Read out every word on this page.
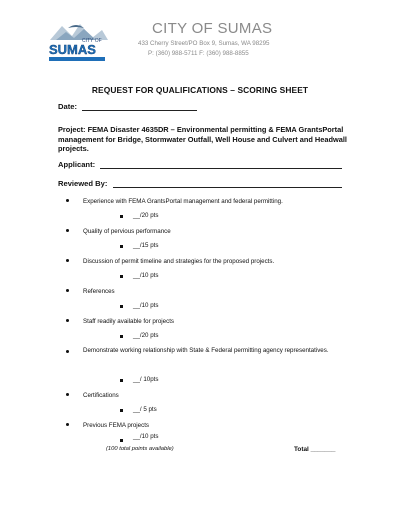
CITY OF
SUMAS
CITY OF SUMAS
433 Cherry Street/PO Box 9, Sumas, WA 98295
P: (360) 988-5711 F: (360) 988-8855
REQUEST FOR QUALIFICATIONS – SCORING SHEET
Date:
Project: FEMA Disaster 4635DR – Environmental permitting & FEMA GrantsPortal management for Bridge, Stormwater Outfall, Well House and Culvert and Headwall projects.
Applicant:
Reviewed By:
Experience with FEMA GrantsPortal management and federal permitting.
__/20 pts
Quality of pervious performance
__/15 pts
Discussion of permit timeline and strategies for the proposed projects.
__/10 pts
References
__/10 pts
Staff readily available for projects
__/20 pts
Demonstrate working relationship with State & Federal permitting agency representatives.
__/ 10pts
Certifications
__/ 5 pts
Previous FEMA projects
__/10 pts
(100 total points available)	Total _______
